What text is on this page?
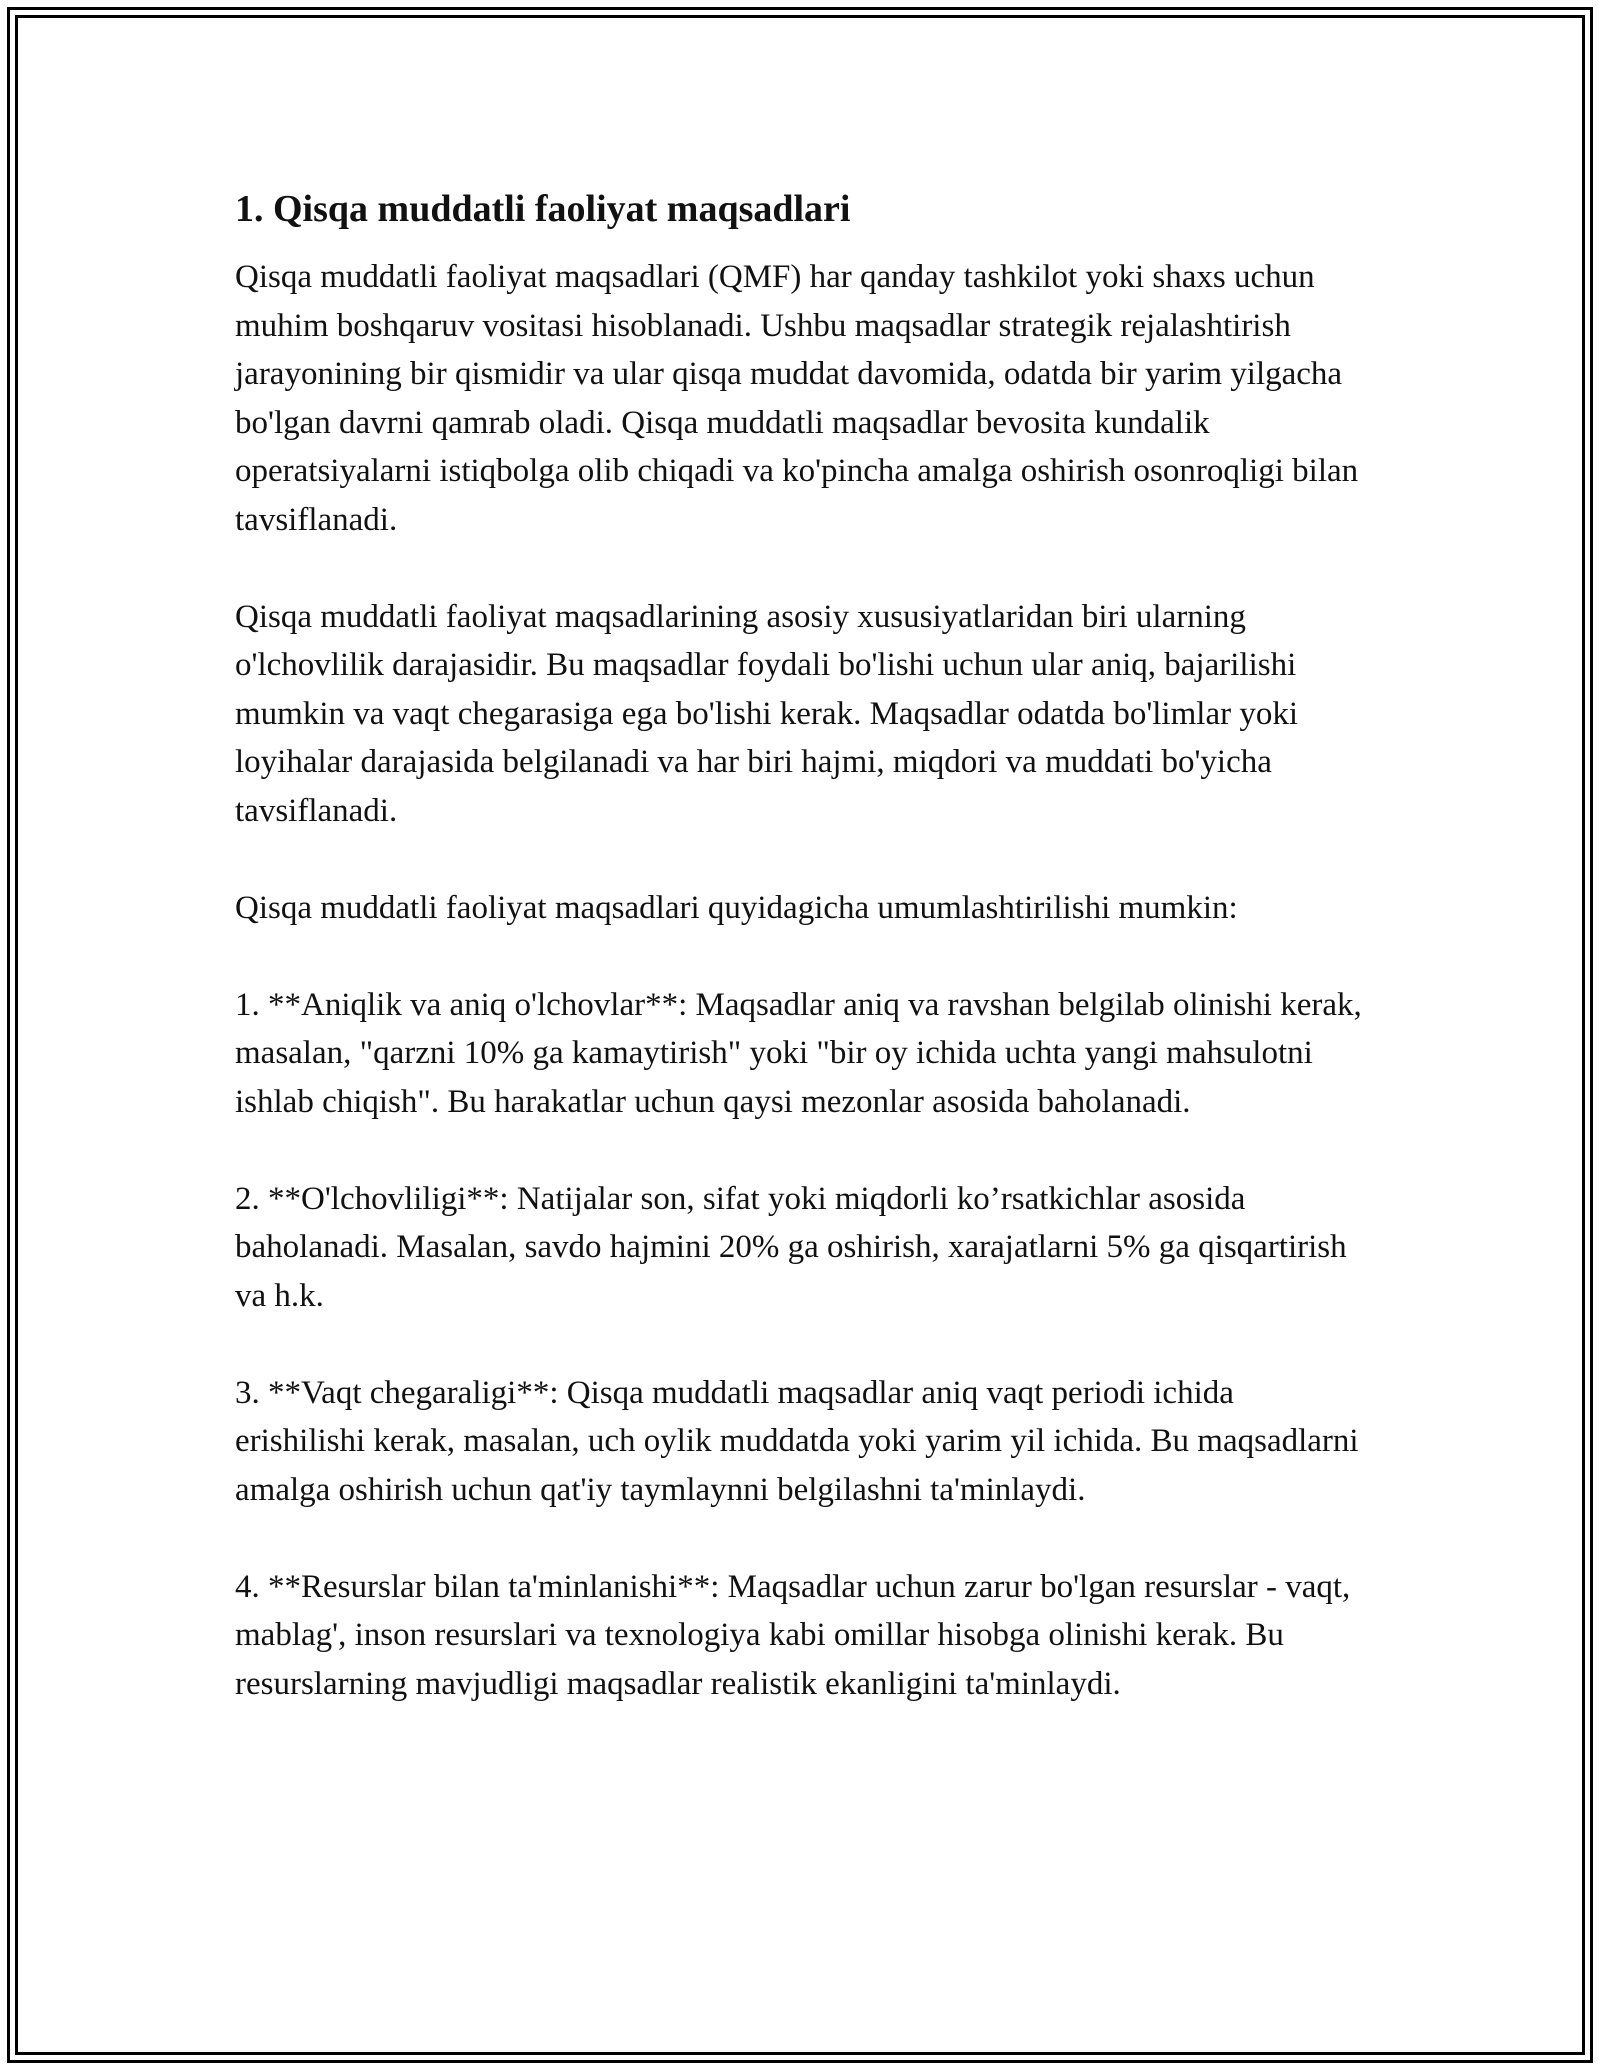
1. Qisqa muddatli faoliyat maqsadlari

Qisqa muddatli faoliyat maqsadlari (QMF) har qanday tashkilot yoki shaxs uchun muhim boshqaruv vositasi hisoblanadi. Ushbu maqsadlar strategik rejalashtirish jarayonining bir qismidir va ular qisqa muddat davomida, odatda bir yarim yilgacha bo'lgan davrni qamrab oladi. Qisqa muddatli maqsadlar bevosita kundalik operatsiyalarni istiqbolga olib chiqadi va ko'pincha amalga oshirish osonroqligi bilan tavsiflanadi.

Qisqa muddatli faoliyat maqsadlarining asosiy xususiyatlaridan biri ularning o'lchovlilik darajasidir. Bu maqsadlar foydali bo'lishi uchun ular aniq, bajarilishi mumkin va vaqt chegarasiga ega bo'lishi kerak. Maqsadlar odatda bo'limlar yoki loyihalar darajasida belgilanadi va har biri hajmi, miqdori va muddati bo'yicha tavsiflanadi.

Qisqa muddatli faoliyat maqsadlari quyidagicha umumlashtirilishi mumkin:

1. **Aniqlik va aniq o'lchovlar**: Maqsadlar aniq va ravshan belgilab olinishi kerak, masalan, "qarzni 10% ga kamaytirish" yoki "bir oy ichida uchta yangi mahsulotni ishlab chiqish". Bu harakatlar uchun qaysi mezonlar asosida baholanadi.

2. **O'lchovliligi**: Natijalar son, sifat yoki miqdorli ko’rsatkichlar asosida baholanadi. Masalan, savdo hajmini 20% ga oshirish, xarajatlarni 5% ga qisqartirish va h.k.

3. **Vaqt chegaraligi**: Qisqa muddatli maqsadlar aniq vaqt periodi ichida erishilishi kerak, masalan, uch oylik muddatda yoki yarim yil ichida. Bu maqsadlarni amalga oshirish uchun qat'iy taymlaynni belgilashni ta'minlaydi.

4. **Resurslar bilan ta'minlanishi**: Maqsadlar uchun zarur bo'lgan resurslar - vaqt, mablag', inson resurslari va texnologiya kabi omillar hisobga olinishi kerak. Bu resurslarning mavjudligi maqsadlar realistik ekanligini ta'minlaydi.
